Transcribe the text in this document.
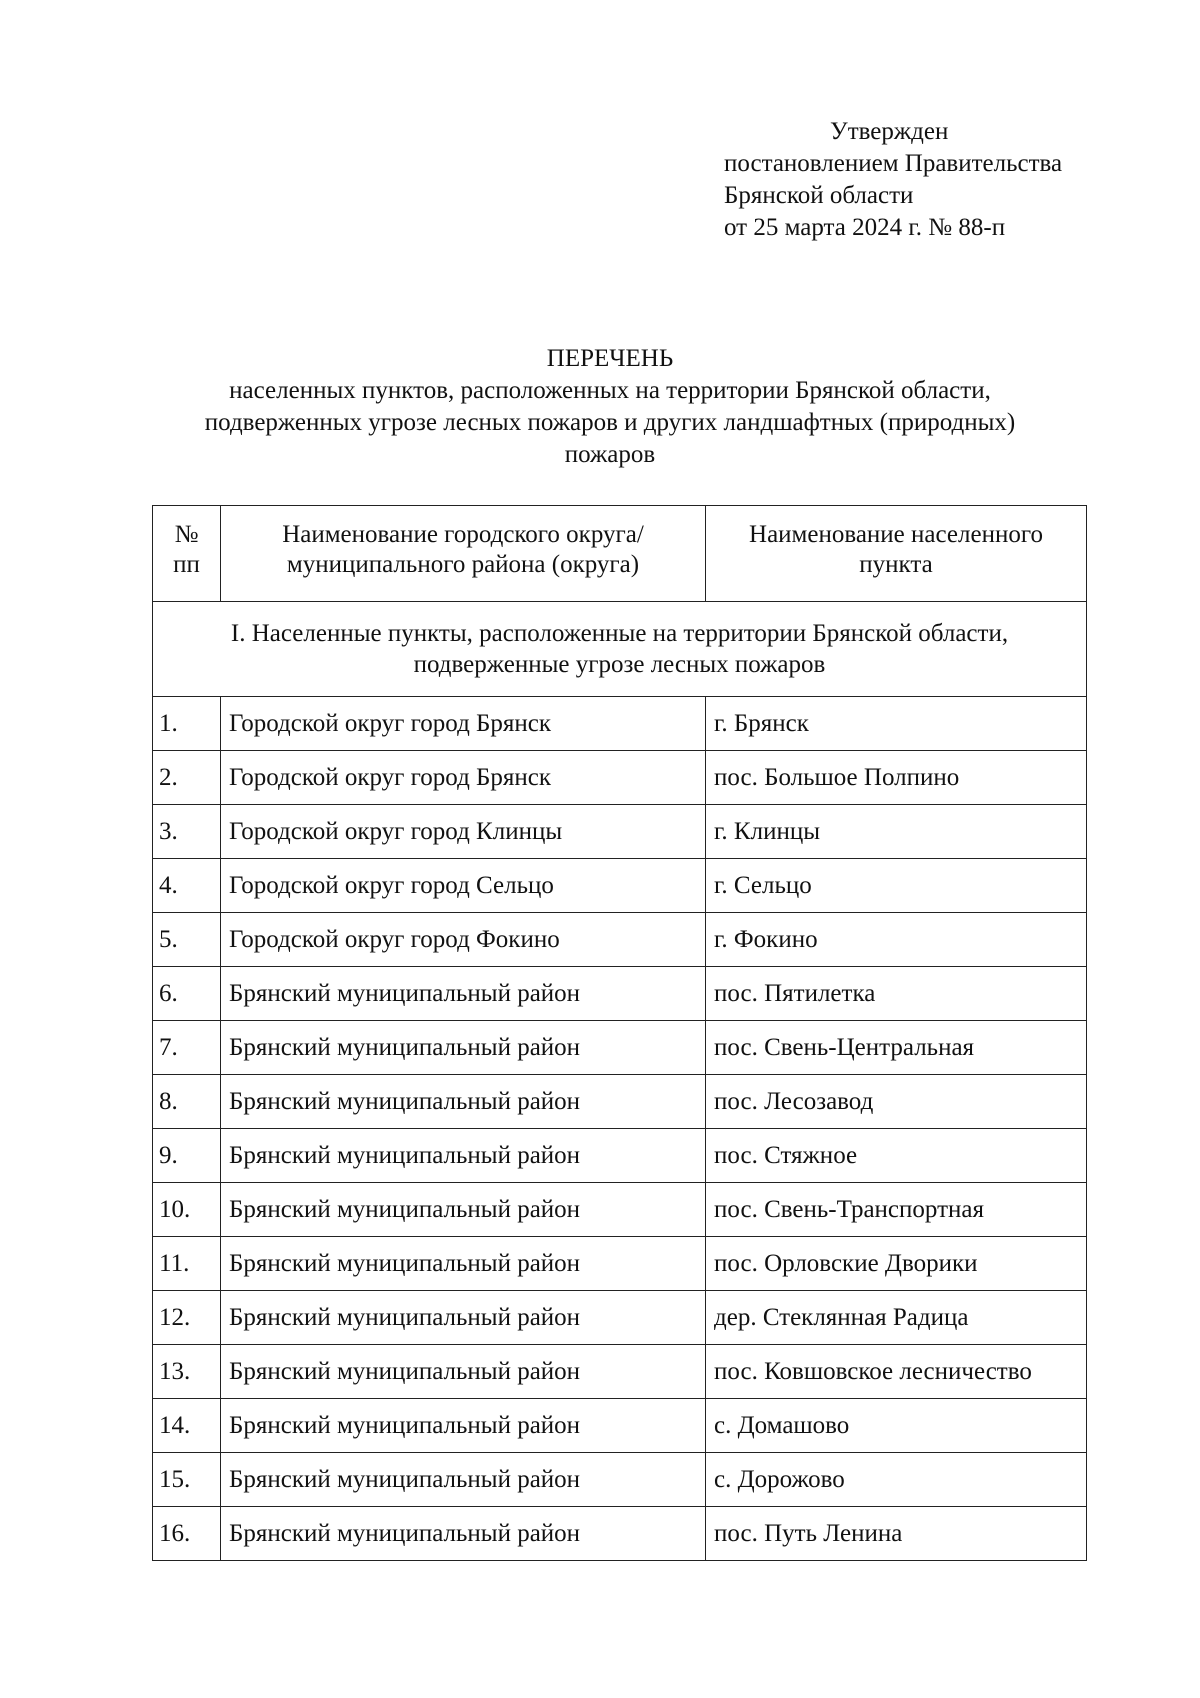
Утвержден
постановлением Правительства
Брянской области
от 25 марта 2024 г. № 88-п
ПЕРЕЧЕНЬ
населенных пунктов, расположенных на территории Брянской области,
подверженных угрозе лесных пожаров и других ландшафтных (природных)
пожаров
№ пп	Наименование городского округа/муниципального района (округа)	Наименование населенного пункта
I. Населенные пункты, расположенные на территории Брянской области, подверженные угрозе лесных пожаров		
1.	Городской округ город Брянск	г. Брянск
2.	Городской округ город Брянск	пос. Большое Полпино
3.	Городской округ город Клинцы	г. Клинцы
4.	Городской округ город Сельцо	г. Сельцо
5.	Городской округ город Фокино	г. Фокино
6.	Брянский муниципальный район	пос. Пятилетка
7.	Брянский муниципальный район	пос. Свень-Центральная
8.	Брянский муниципальный район	пос. Лесозавод
9.	Брянский муниципальный район	пос. Стяжное
10.	Брянский муниципальный район	пос. Свень-Транспортная
11.	Брянский муниципальный район	пос. Орловские Дворики
12.	Брянский муниципальный район	дер. Стеклянная Радица
13.	Брянский муниципальный район	пос. Ковшовское лесничество
14.	Брянский муниципальный район	с. Домашово
15.	Брянский муниципальный район	с. Дорожово
16.	Брянский муниципальный район	пос. Путь Ленина
